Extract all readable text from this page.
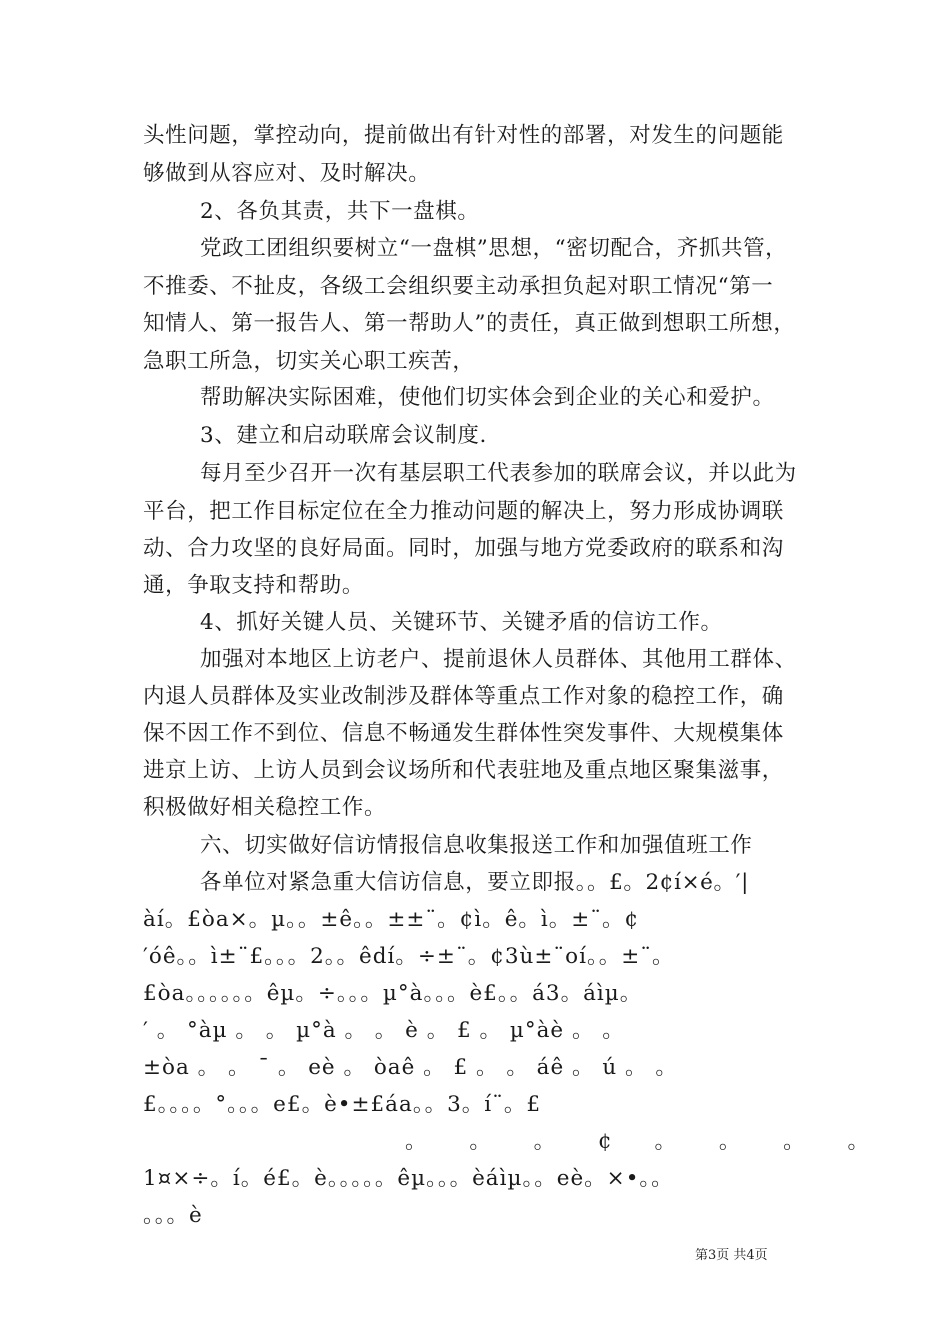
头性问题，掌控动向，提前做出有针对性的部署，对发生的问题能
够做到从容应对、及时解决。
2、各负其责，共下一盘棋。
党政工团组织要树立“一盘棋”思想，“密切配合，齐抓共管，
不推委、不扯皮，各级工会组织要主动承担负起对职工情况“第一
知情人、第一报告人、第一帮助人”的责任，真正做到想职工所想，
急职工所急，切实关心职工疾苦，
帮助解决实际困难，使他们切实体会到企业的关心和爱护。
3、建立和启动联席会议制度.
每月至少召开一次有基层职工代表参加的联席会议，并以此为
平台，把工作目标定位在全力推动问题的解决上，努力形成协调联
动、合力攻坚的良好局面。同时，加强与地方党委政府的联系和沟
通，争取支持和帮助。
4、抓好关键人员、关键环节、关键矛盾的信访工作。
加强对本地区上访老户、提前退休人员群体、其他用工群体、
内退人员群体及实业改制涉及群体等重点工作对象的稳控工作，确
保不因工作不到位、信息不畅通发生群体性突发事件、大规模集体
进京上访、上访人员到会议场所和代表驻地及重点地区聚集滋事，
积极做好相关稳控工作。
六、切实做好信访情报信息收集报送工作和加强值班工作
各单位对紧急重大信访信息，要立即报。。£。2¢í×é。′|
àí。£òa×。µ。。±ê。。±±¨。¢ì。ê。ì。±¨。¢
′óê。。ì±¨£。。。2。。êdí。÷±¨。¢3ù±¨oí。。±¨。
£òa。。。。。。êµ。÷。。。µ°à。。。è£。。á3。áìµ。
′ 。 °àµ 。 。 µ°à 。 。 è 。 £ 。 µ°àè 。 。
±òa 。 。 ¯ 。 eè 。 òaê 。 £ 。 。 áê 。 ú 。 。
£。。。。°。。。e£。è•±£áa。。3。í¨。£
。 。 。 ¢ 。 。 。 。
1¤×÷。í。é£。è。。。。。êµ。。。èáìµ。。eè。×•。。
。。。è
第3页 共4页
